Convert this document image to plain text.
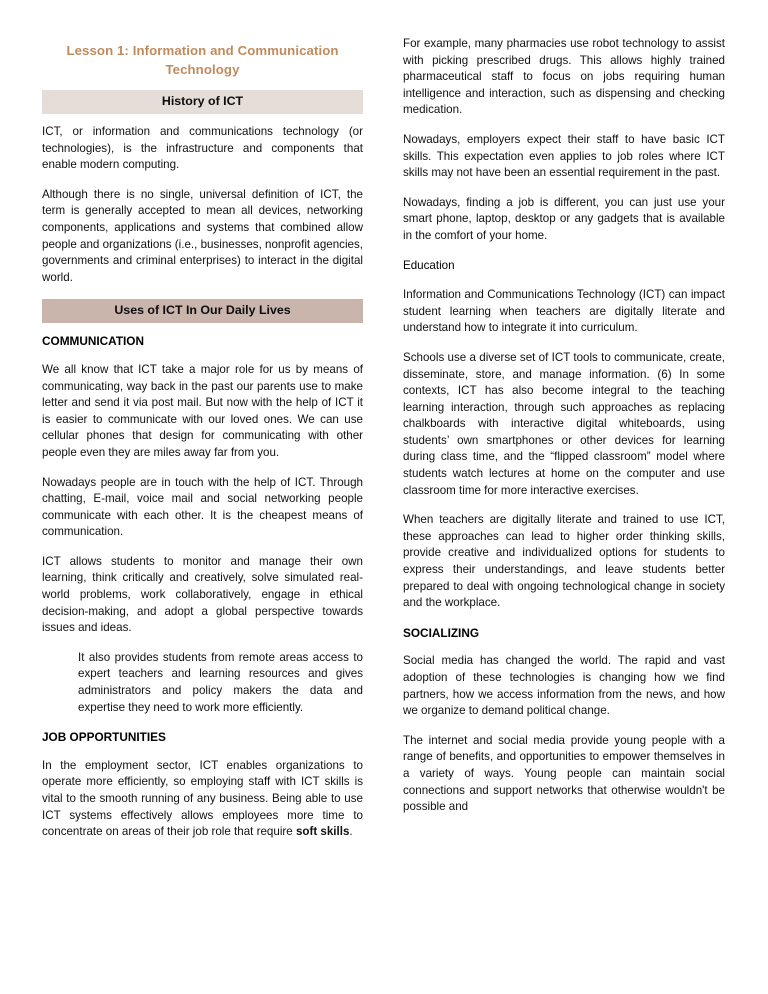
Lesson 1: Information and Communication Technology
History of ICT

ICT, or information and communications technology (or technologies), is the infrastructure and components that enable modern computing.

Although there is no single, universal definition of ICT, the term is generally accepted to mean all devices, networking components, applications and systems that combined allow people and organizations (i.e., businesses, nonprofit agencies, governments and criminal enterprises) to interact in the digital world.

Uses of ICT In Our Daily Lives
COMMUNICATION

We all know that ICT take a major role for us by means of communicating, way back in the past our parents use to make letter and send it via post mail. But now with the help of ICT it is easier to communicate with our loved ones. We can use cellular phones that design for communicating with other people even they are miles away far from you.

Nowadays people are in touch with the help of ICT. Through chatting, E-mail, voice mail and social networking people communicate with each other. It is the cheapest means of communication.

ICT allows students to monitor and manage their own learning, think critically and creatively, solve simulated real-world problems, work collaboratively, engage in ethical decision-making, and adopt a global perspective towards issues and ideas.

It also provides students from remote areas access to expert teachers and learning resources and gives administrators and policy makers the data and expertise they need to work more efficiently.

JOB OPPORTUNITIES

In the employment sector, ICT enables organizations to operate more efficiently, so employing staff with ICT skills is vital to the smooth running of any business. Being able to use ICT systems effectively allows employees more time to concentrate on areas of their job role that require soft skills.

For example, many pharmacies use robot technology to assist with picking prescribed drugs. This allows highly trained pharmaceutical staff to focus on jobs requiring human intelligence and interaction, such as dispensing and checking medication.

Nowadays, employers expect their staff to have basic ICT skills. This expectation even applies to job roles where ICT skills may not have been an essential requirement in the past.

Nowadays, finding a job is different, you can just use your smart phone, laptop, desktop or any gadgets that is available in the comfort of your home.

Education

Information and Communications Technology (ICT) can impact student learning when teachers are digitally literate and understand how to integrate it into curriculum.

Schools use a diverse set of ICT tools to communicate, create, disseminate, store, and manage information. (6) In some contexts, ICT has also become integral to the teaching learning interaction, through such approaches as replacing chalkboards with interactive digital whiteboards, using students’ own smartphones or other devices for learning during class time, and the “flipped classroom” model where students watch lectures at home on the computer and use classroom time for more interactive exercises.

When teachers are digitally literate and trained to use ICT, these approaches can lead to higher order thinking skills, provide creative and individualized options for students to express their understandings, and leave students better prepared to deal with ongoing technological change in society and the workplace.

SOCIALIZING

Social media has changed the world. The rapid and vast adoption of these technologies is changing how we find partners, how we access information from the news, and how we organize to demand political change.

The internet and social media provide young people with a range of benefits, and opportunities to empower themselves in a variety of ways. Young people can maintain social connections and support networks that otherwise wouldn't be possible and
